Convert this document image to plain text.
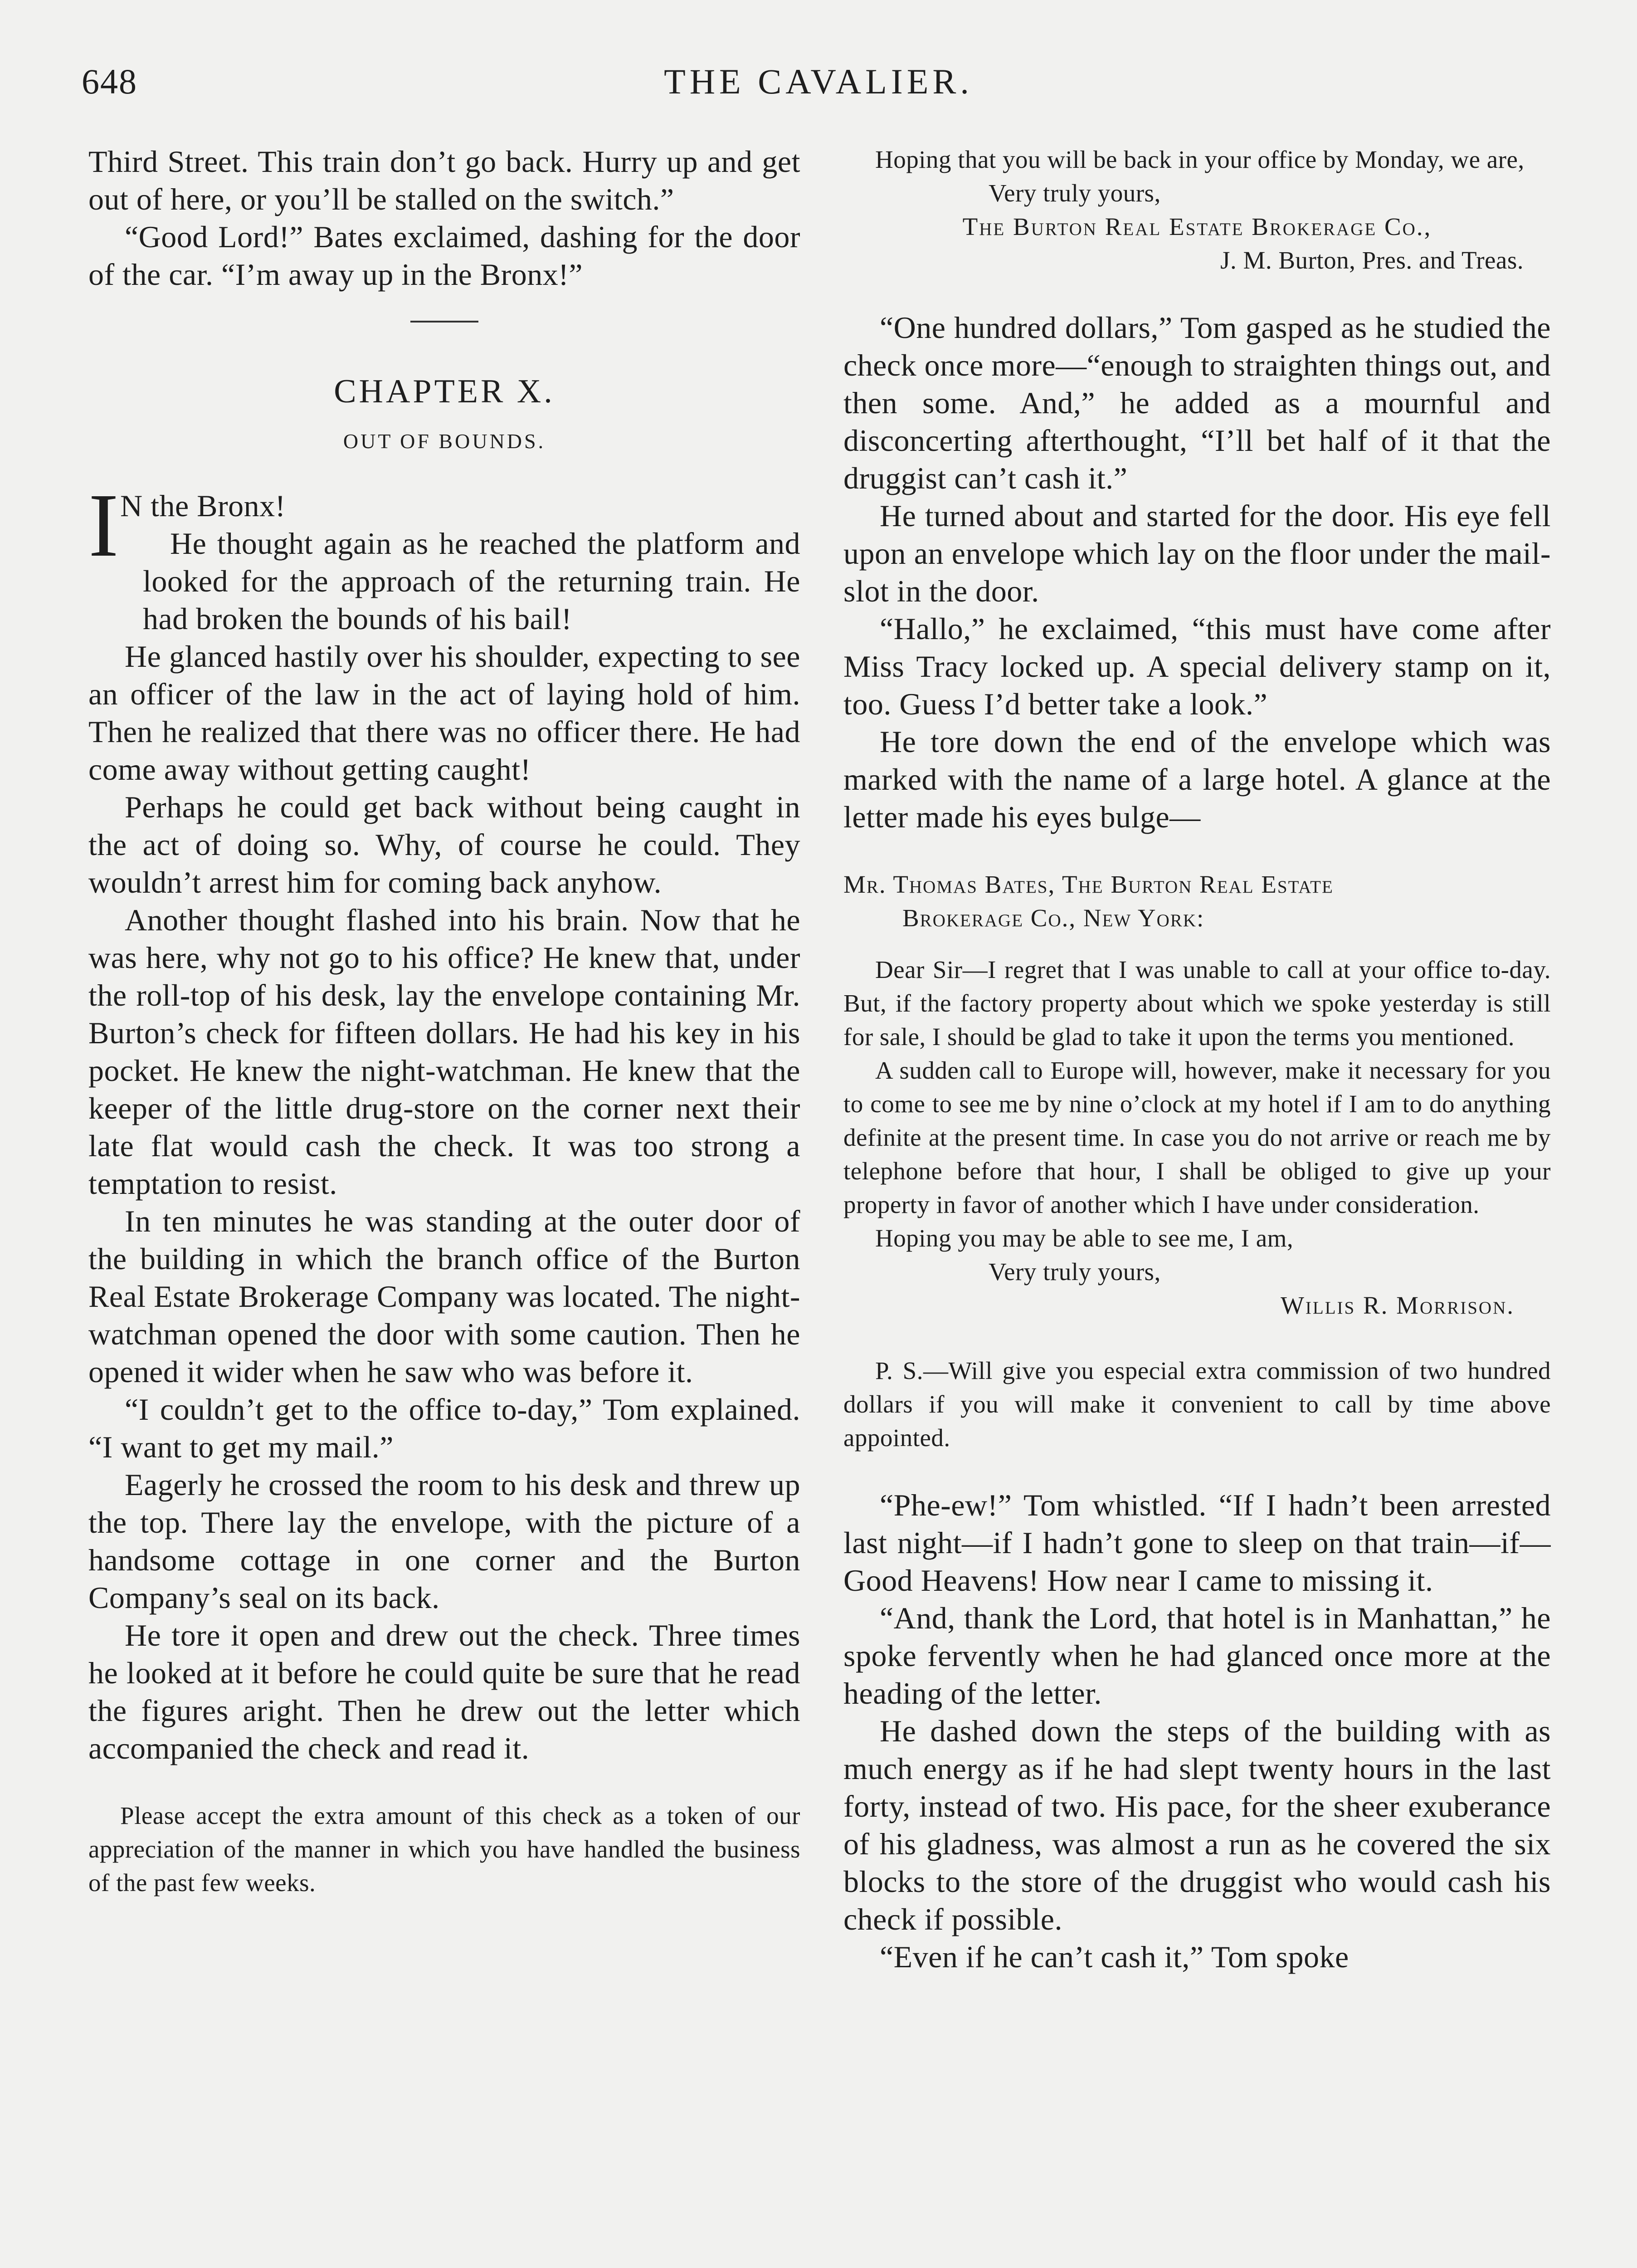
648	THE CAVALIER.

Third Street. This train don’t go back. Hurry up and get out of here, or you’ll be stalled on the switch.”

“Good Lord!” Bates exclaimed, dashing for the door of the car. “I’m away up in the Bronx!”

CHAPTER X.
OUT OF BOUNDS.
I N the Bronx!

He thought again as he reached the platform and looked for the approach of the returning train. He had broken the bounds of his bail!

He glanced hastily over his shoulder, expecting to see an officer of the law in the act of laying hold of him. Then he realized that there was no officer there. He had come away without getting caught!

Perhaps he could get back without being caught in the act of doing so. Why, of course he could. They wouldn’t arrest him for coming back anyhow.

Another thought flashed into his brain. Now that he was here, why not go to his office? He knew that, under the roll-top of his desk, lay the envelope containing Mr. Burton’s check for fifteen dollars. He had his key in his pocket. He knew the night-watchman. He knew that the keeper of the little drug-store on the corner next their late flat would cash the check. It was too strong a temptation to resist.

In ten minutes he was standing at the outer door of the building in which the branch office of the Burton Real Estate Brokerage Company was located. The night-watchman opened the door with some caution. Then he opened it wider when he saw who was before it.

“I couldn’t get to the office to-day,” Tom explained. “I want to get my mail.”

Eagerly he crossed the room to his desk and threw up the top. There lay the envelope, with the picture of a handsome cottage in one corner and the Burton Company’s seal on its back.

He tore it open and drew out the check. Three times he looked at it before he could quite be sure that he read the figures aright. Then he drew out the letter which accompanied the check and read it.

Please accept the extra amount of this check as a token of our appreciation of the manner in which you have handled the business of the past few weeks.

Hoping that you will be back in your office by Monday, we are,

Very truly yours,

The Burton Real Estate Brokerage Co.,

J. M. Burton, Pres. and Treas.

“One hundred dollars,” Tom gasped as he studied the check once more—“enough to straighten things out, and then some. And,” he added as a mournful and disconcerting afterthought, “I’ll bet half of it that the druggist can’t cash it.”

He turned about and started for the door. His eye fell upon an envelope which lay on the floor under the mail-slot in the door.

“Hallo,” he exclaimed, “this must have come after Miss Tracy locked up. A special delivery stamp on it, too. Guess I’d better take a look.”

He tore down the end of the envelope which was marked with the name of a large hotel. A glance at the letter made his eyes bulge—

Mr. Thomas Bates, The Burton Real Estate

Brokerage Co., New York:

Dear Sir—I regret that I was unable to call at your office to-day. But, if the factory property about which we spoke yesterday is still for sale, I should be glad to take it upon the terms you mentioned.

A sudden call to Europe will, however, make it necessary for you to come to see me by nine o’clock at my hotel if I am to do anything definite at the present time. In case you do not arrive or reach me by telephone before that hour, I shall be obliged to give up your property in favor of another which I have under consideration.

Hoping you may be able to see me, I am,

Very truly yours,

Willis R. Morrison.

P. S.—Will give you especial extra commission of two hundred dollars if you will make it convenient to call by time above appointed.

“Phe-ew!” Tom whistled. “If I hadn’t been arrested last night—if I hadn’t gone to sleep on that train—if— Good Heavens! How near I came to missing it.

“And, thank the Lord, that hotel is in Manhattan,” he spoke fervently when he had glanced once more at the heading of the letter.

He dashed down the steps of the building with as much energy as if he had slept twenty hours in the last forty, instead of two. His pace, for the sheer exuberance of his gladness, was almost a run as he covered the six blocks to the store of the druggist who would cash his check if possible.

“Even if he can’t cash it,” Tom spoke
